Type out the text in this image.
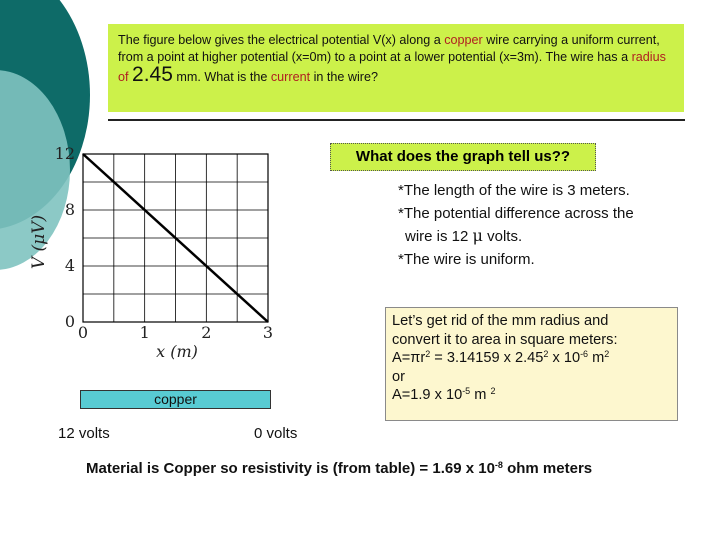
The figure below gives the electrical potential V(x) along a copper wire carrying a uniform current, from a point at higher potential (x=0m) to a point at a lower potential (x=3m). The wire has a radius of 2.45 mm. What is the current in the wire?
What does the graph tell us??
*The length of the wire is 3 meters.
*The potential difference across the
wire is 12 μ volts.
*The wire is uniform.
Let’s get rid of the mm radius and
convert it to area in square meters:
$A=\pi r^2 = 3.14159$ x 2.45$^2$ x $10^{-6}$ $m^2$
or
A=1.9 x $10^{-5}$ m $^2$
0	1	2	3
0
4
8
12
V (μV)
x (m)
copper
12 volts	0 volts
Material is Copper so resistivity is (from table) = 1.69 x $10^{-8}$ ohm meters
